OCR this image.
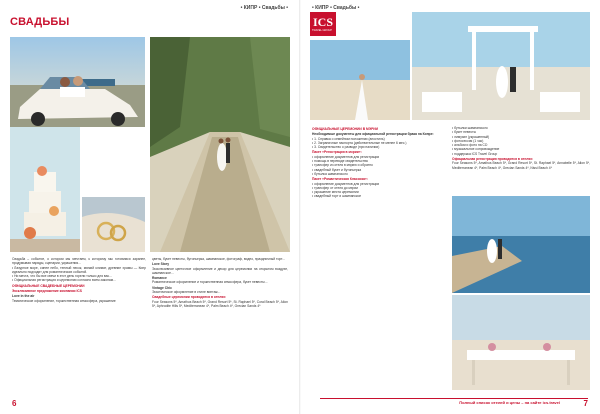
• КИПР • Свадьбы •
СВАДЬБЫ
Свадьба – событие, о котором мы мечтаем, к которому мы готовимся заранее, продумывая наряды, сценарии, украшения...
• Лазурное море, синее небо, теплый песок, мягкий климат, древние храмы — Кипр идеально подходит для романтических событий.
• Ни мечта, что бы все свечи в этот день горели только для вас...
• Официальная регистрация и церемонии согласно всем законам...
ОФИЦИАЛЬНЫЕ СВАДЕБНЫЕ ЦЕРЕМОНИИ
Эксклюзивное предложение компании ICS
Love in the air
Тематическое оформление, торжественная атмосфера, украшение
цветы, букет невесты, бутоньерка, шампанское, фотограф, видео, праздничный торт...
Love Story
Эксклюзивное цветочное оформление и декор для церемонии на открытом воздухе, шампанское...
Romance
Романтическое оформление и торжественная атмосфера, букет невесты...
Vintage Chic
Экзотическое оформление в стиле винтаж...
Свадебные церемонии проводятся в отелях:
Four Seasons 5*, Amathus Beach 5*, Grand Resort 5*, St. Raphael 5*, Coral Beach 5*, Alion 5*, Aphrodite Hills 5*, Mediterranean 4*, Palm Beach 4*, Grecian Sands 4*
6
• КИПР • Свадьбы •
ICS
TRAVEL GROUP
ОФИЦИАЛЬНЫЕ ЦЕРЕМОНИИ В МЭРИИ
Необходимые документы для официальной регистрации брака на Кипре:
• 1. Справка о семейном положении (апостиль)
• 2. Заграничные паспорта (действительные не менее 6 мес.)
• 3. Свидетельство о разводе (при наличии)
Пакет «Регистрация в мэрии»:
• оформление документов для регистрации
• помощь в переводе свидетельства
• трансфер из отеля в мэрию и обратно
• свадебный букет и бутоньерка
• бутылка шампанского
Пакет «Романтическая Классика»:
• оформление документов для регистрации
• трансфер от отеля до мэрии
• украшение места церемонии
• свадебный торт и шампанское
• бутылки шампанского
• букет невесты
• лимузин (украшенный)
• фотосессия (1 час)
• альбом и фото на CD
• музыкальное сопровождение
• поддержка ICS Travel Group
Официальная регистрация проводится в отелях:
Four Seasons 5*, Amathus Beach 5*, Grand Resort 5*, St. Raphael 5*, Annabelle 5*, Alion 5*, Mediterranean 4*, Palm Beach 4*, Grecian Sands 4*, Nissi Beach 4*
7
Полный список отелей и цены – на сайте ics.travel
